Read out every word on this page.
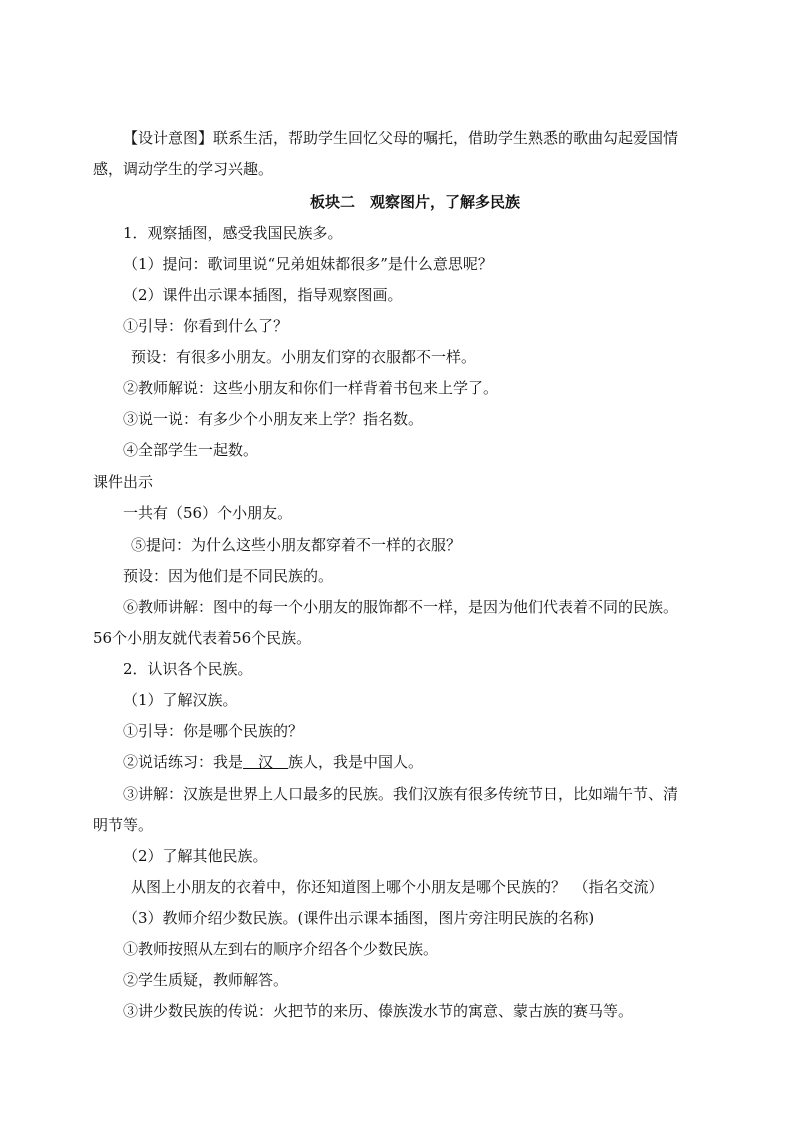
【设计意图】联系生活，帮助学生回忆父母的嘱托，借助学生熟悉的歌曲勾起爱国情

感，调动学生的学习兴趣。

板块二　观察图片，了解多民族

1．观察插图，感受我国民族多。

（1）提问：歌词里说“兄弟姐妹都很多”是什么意思呢？

（2）课件出示课本插图，指导观察图画。

①引导：你看到什么了？

预设：有很多小朋友。小朋友们穿的衣服都不一样。

②教师解说：这些小朋友和你们一样背着书包来上学了。

③说一说：有多少个小朋友来上学？指名数。

④全部学生一起数。

课件出示

一共有（56）个小朋友。

⑤提问：为什么这些小朋友都穿着不一样的衣服？

预设：因为他们是不同民族的。

⑥教师讲解：图中的每一个小朋友的服饰都不一样，是因为他们代表着不同的民族。

56个小朋友就代表着56个民族。

2．认识各个民族。

（1）了解汉族。

①引导：你是哪个民族的？

②说话练习：我是　汉　族人，我是中国人。

③讲解：汉族是世界上人口最多的民族。我们汉族有很多传统节日，比如端午节、清

明节等。

（2）了解其他民族。

从图上小朋友的衣着中，你还知道图上哪个小朋友是哪个民族的？　（指名交流）

（3）教师介绍少数民族。(课件出示课本插图，图片旁注明民族的名称)

①教师按照从左到右的顺序介绍各个少数民族。

②学生质疑，教师解答。

③讲少数民族的传说：火把节的来历、傣族泼水节的寓意、蒙古族的赛马等。
